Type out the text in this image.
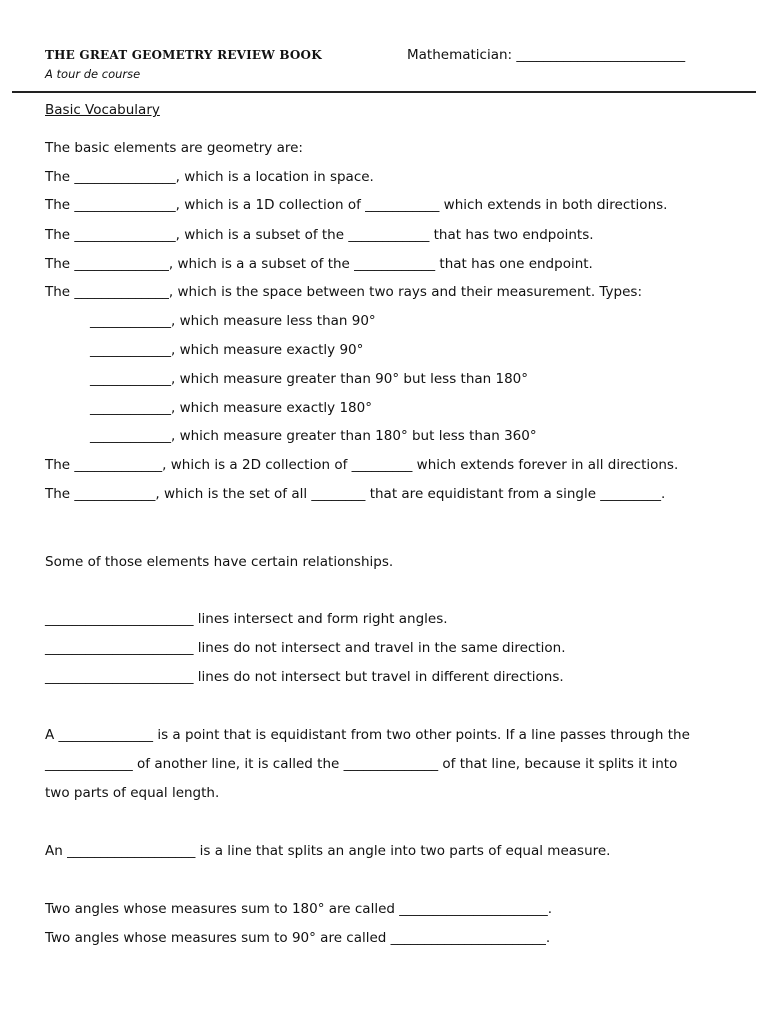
THE GREAT GEOMETRY REVIEW BOOK
A tour de course
Mathematician: _________________________
Basic Vocabulary
The basic elements are geometry are:
The _______________, which is a location in space.
The _______________, which is a 1D collection of ___________ which extends in both directions.
The _______________, which is a subset of the ____________ that has two endpoints.
The ______________, which is a a subset of the ____________ that has one endpoint.
The ______________, which is the space between two rays and their measurement. Types:
____________, which measure less than 90°
____________, which measure exactly 90°
____________, which measure greater than 90° but less than 180°
____________, which measure exactly 180°
____________, which measure greater than 180° but less than 360°
The _____________, which is a 2D collection of _________ which extends forever in all directions.
The ____________, which is the set of all ________ that are equidistant from a single _________.
Some of those elements have certain relationships.
______________________ lines intersect and form right angles.
______________________ lines do not intersect and travel in the same direction.
______________________ lines do not intersect but travel in different directions.
A ______________ is a point that is equidistant from two other points. If a line passes through the
_____________ of another line, it is called the ______________ of that line, because it splits it into
two parts of equal length.
An ___________________ is a line that splits an angle into two parts of equal measure.
Two angles whose measures sum to 180° are called ______________________.
Two angles whose measures sum to 90° are called _______________________.
